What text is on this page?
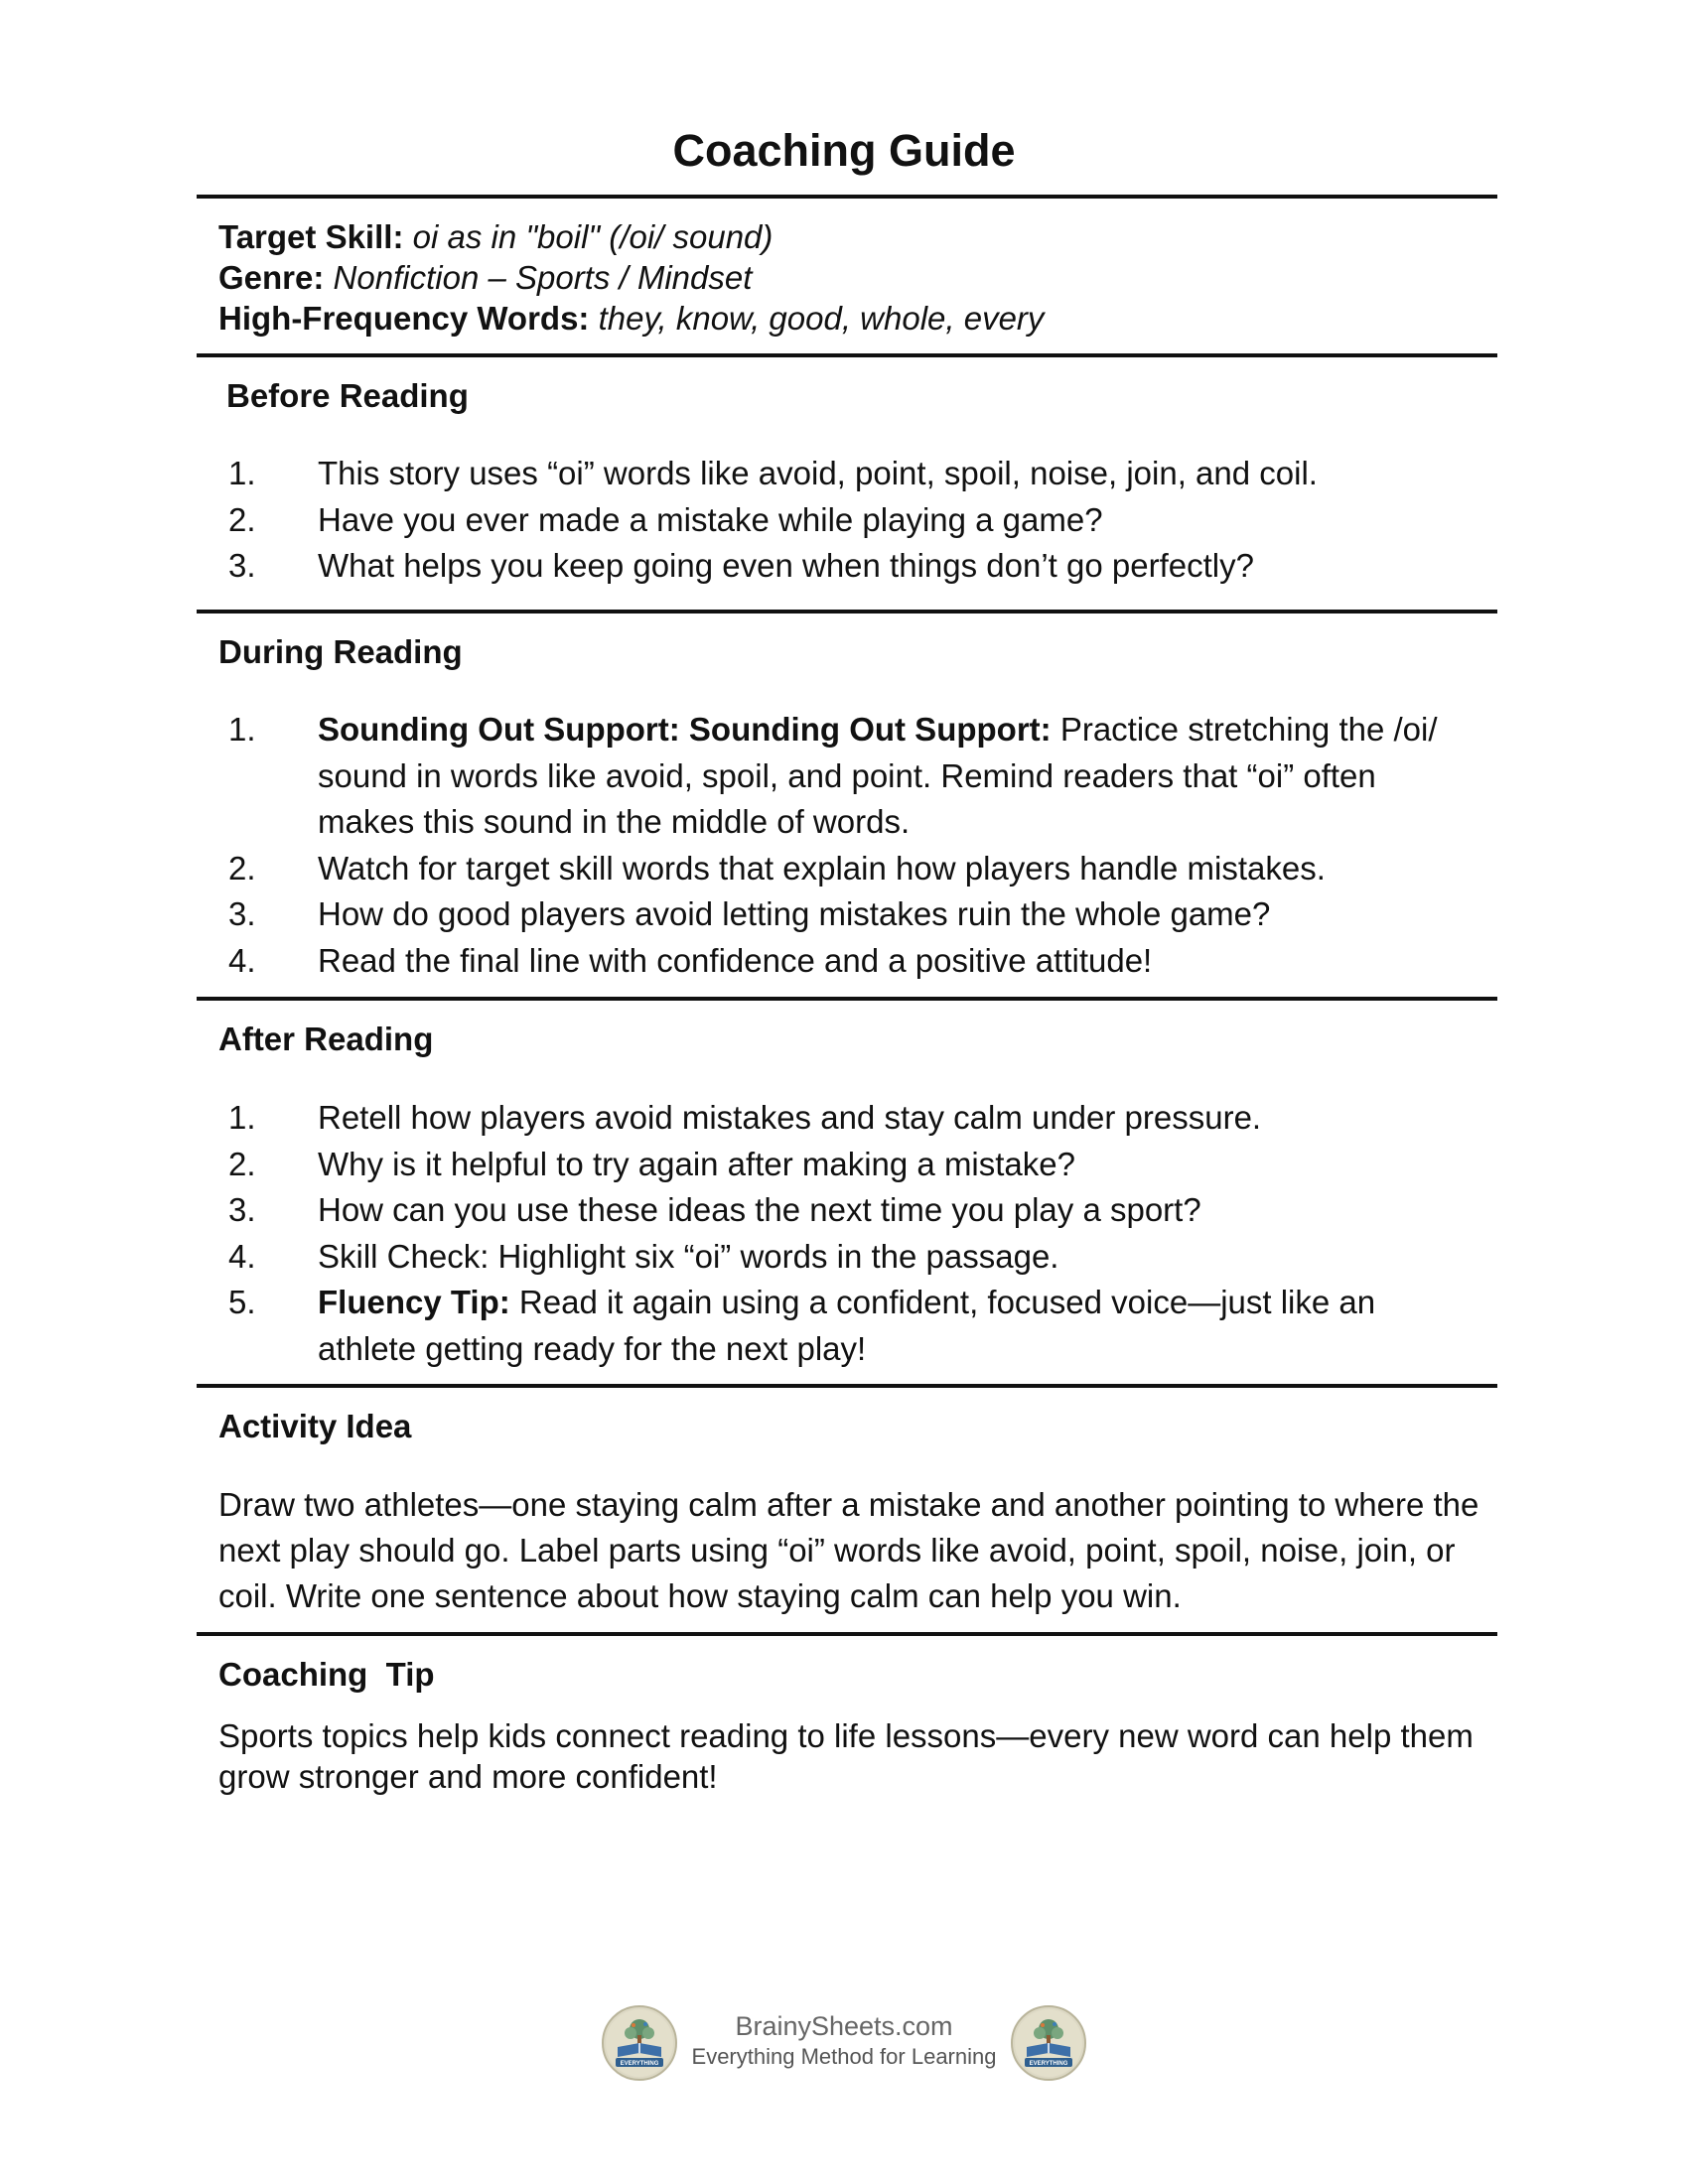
Coaching Guide
Target Skill: oi as in "boil" (/oi/ sound)
Genre: Nonfiction – Sports / Mindset
High-Frequency Words: they, know, good, whole, every
Before Reading
1.	This story uses “oi” words like avoid, point, spoil, noise, join, and coil.
2.	Have you ever made a mistake while playing a game?
3.	What helps you keep going even when things don’t go perfectly?
During Reading
1.	Sounding Out Support: Sounding Out Support: Practice stretching the /oi/ sound in words like avoid, spoil, and point. Remind readers that “oi” often makes this sound in the middle of words.
2.	Watch for target skill words that explain how players handle mistakes.
3.	How do good players avoid letting mistakes ruin the whole game?
4.	Read the final line with confidence and a positive attitude!
After Reading
1.	Retell how players avoid mistakes and stay calm under pressure.
2.	Why is it helpful to try again after making a mistake?
3.	How can you use these ideas the next time you play a sport?
4.	Skill Check: Highlight six “oi” words in the passage.
5.	Fluency Tip: Read it again using a confident, focused voice—just like an athlete getting ready for the next play!
Activity Idea
Draw two athletes—one staying calm after a mistake and another pointing to where the next play should go. Label parts using “oi” words like avoid, point, spoil, noise, join, or coil. Write one sentence about how staying calm can help you win.
Coaching  Tip
Sports topics help kids connect reading to life lessons—every new word can help them grow stronger and more confident!
EVERYTHING
BrainySheets.com
Everything Method for Learning	EVERYTHING
